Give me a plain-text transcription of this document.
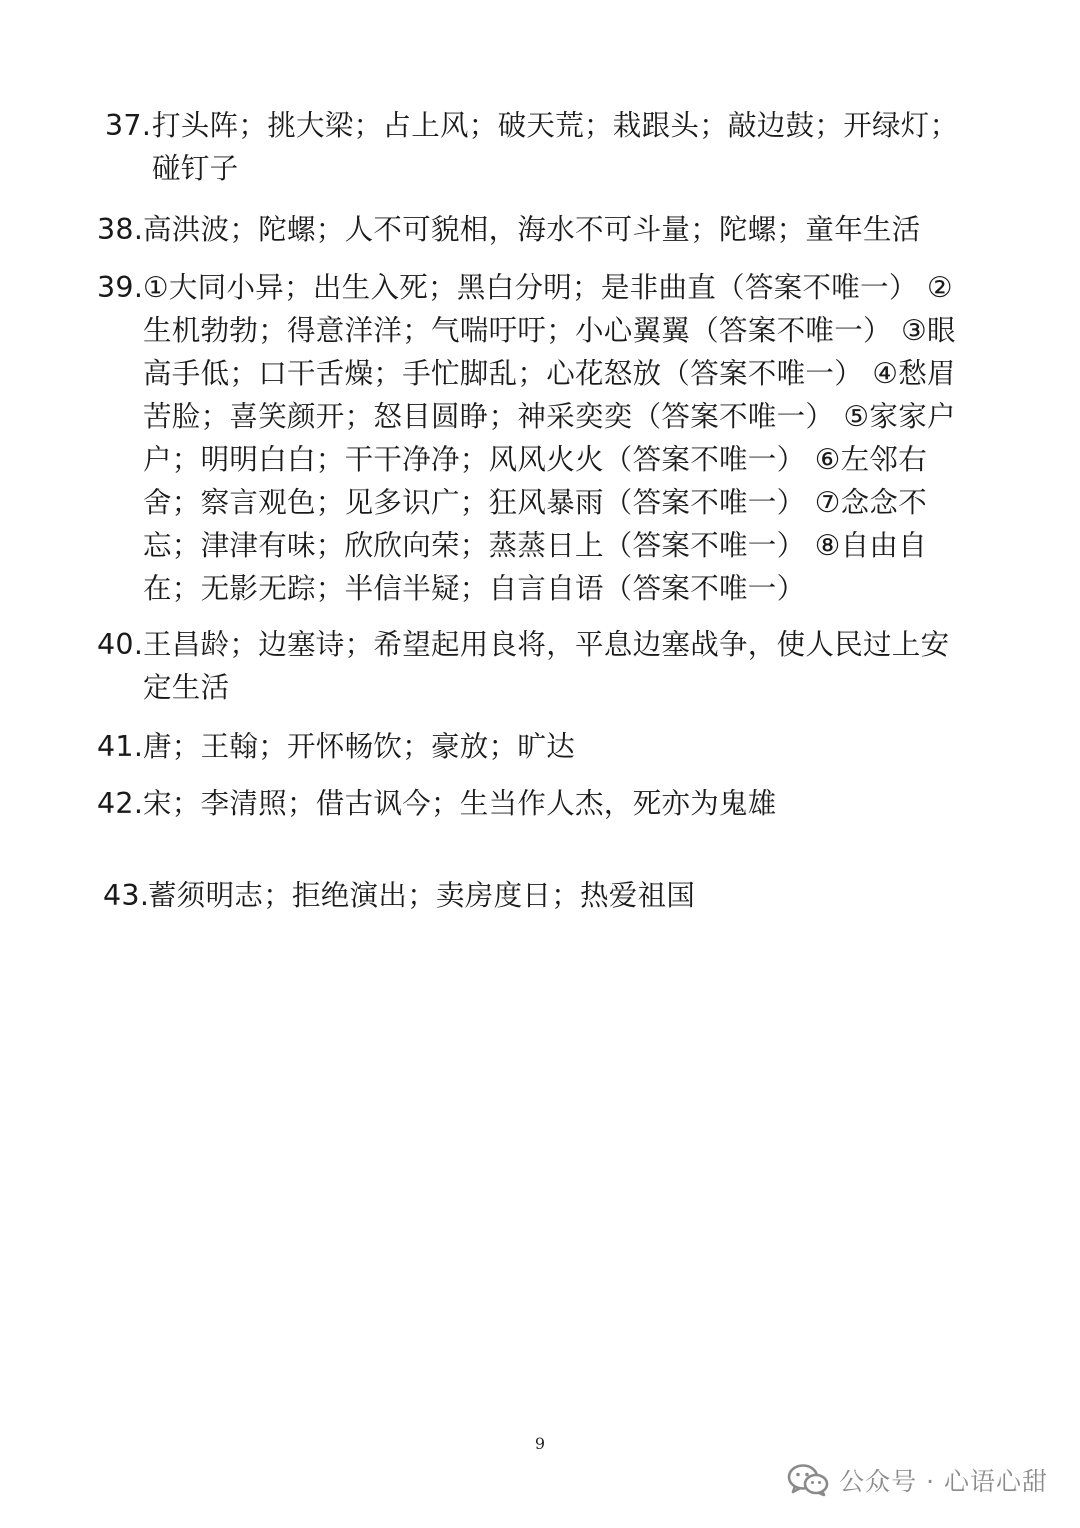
37. 打头阵；挑大梁；占上风；破天荒；栽跟头；敲边鼓；开绿灯；碰钉子
38. 高洪波；陀螺；人不可貌相，海水不可斗量；陀螺；童年生活
39. ①大同小异；出生入死；黑白分明；是非曲直（答案不唯一） ②生机勃勃；得意洋洋；气喘吁吁；小心翼翼（答案不唯一） ③眼高手低；口干舌燥；手忙脚乱；心花怒放（答案不唯一） ④愁眉苦脸；喜笑颜开；怒目圆睁；神采奕奕（答案不唯一） ⑤家家户户；明明白白；干干净净；风风火火（答案不唯一） ⑥左邻右舍；察言观色；见多识广；狂风暴雨（答案不唯一） ⑦念念不忘；津津有味；欣欣向荣；蒸蒸日上（答案不唯一） ⑧自由自在；无影无踪；半信半疑；自言自语（答案不唯一）
40. 王昌龄；边塞诗；希望起用良将，平息边塞战争，使人民过上安定生活
41. 唐；王翰；开怀畅饮；豪放；旷达
42. 宋；李清照；借古讽今；生当作人杰，死亦为鬼雄
43.
蓄须明志；拒绝演出；卖房度日；热爱祖国
9
公众号 · 心语心甜
